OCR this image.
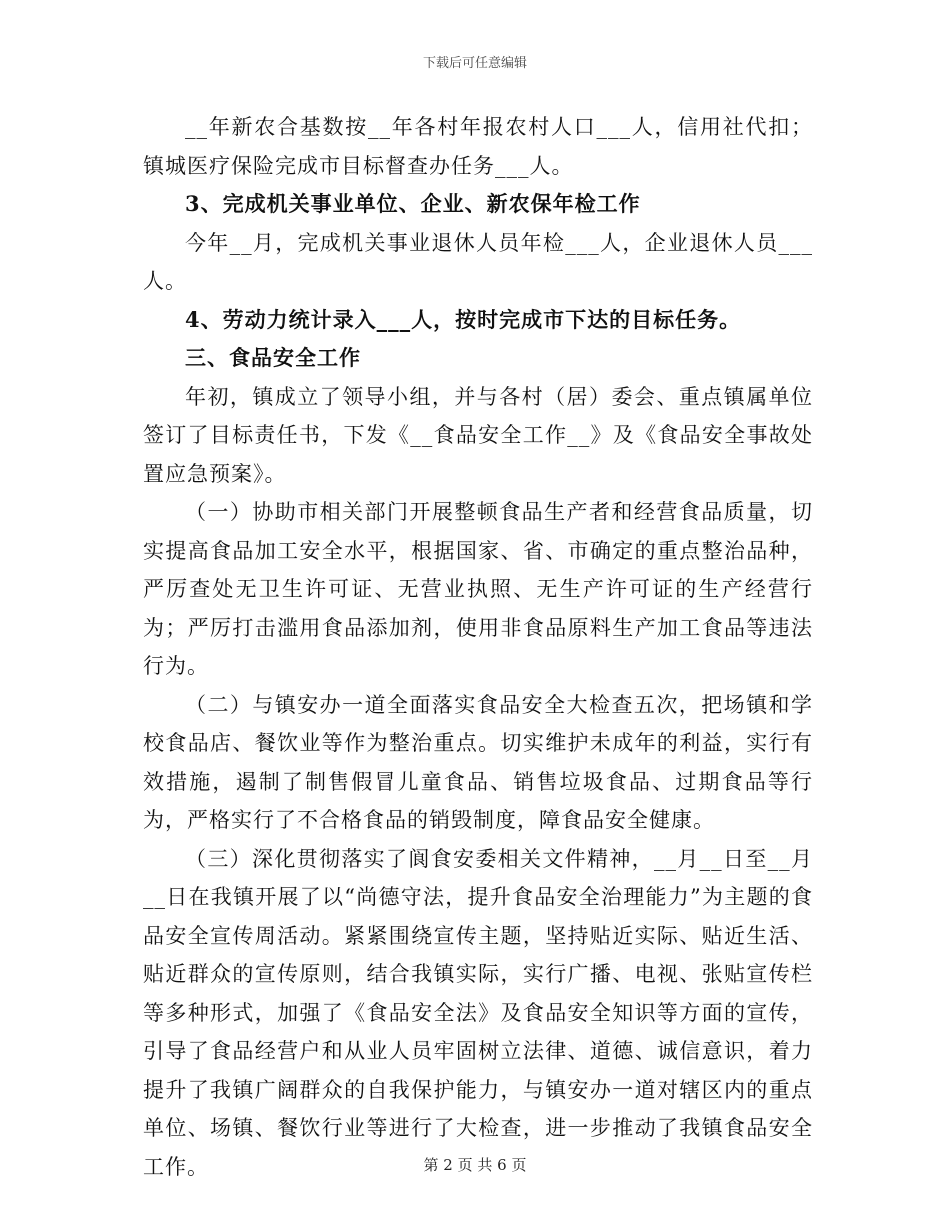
下载后可任意编辑

__年新农合基数按__年各村年报农村人口___人，信用社代扣；镇城医疗保险完成市目标督查办任务___人。

3、完成机关事业单位、企业、新农保年检工作

今年__月，完成机关事业退休人员年检___人，企业退休人员___人。

4、劳动力统计录入___人，按时完成市下达的目标任务。

三、食品安全工作

年初，镇成立了领导小组，并与各村（居）委会、重点镇属单位签订了目标责任书，下发《__食品安全工作__》及《食品安全事故处置应急预案》。

（一）协助市相关部门开展整顿食品生产者和经营食品质量，切实提高食品加工安全水平，根据国家、省、市确定的重点整治品种，严厉查处无卫生许可证、无营业执照、无生产许可证的生产经营行为；严厉打击滥用食品添加剂，使用非食品原料生产加工食品等违法行为。

（二）与镇安办一道全面落实食品安全大检查五次，把场镇和学校食品店、餐饮业等作为整治重点。切实维护未成年的利益，实行有效措施，遏制了制售假冒儿童食品、销售垃圾食品、过期食品等行为，严格实行了不合格食品的销毁制度，障食品安全健康。

（三）深化贯彻落实了阆食安委相关文件精神，__月__日至__月__日在我镇开展了以“尚德守法，提升食品安全治理能力”为主题的食品安全宣传周活动。紧紧围绕宣传主题，坚持贴近实际、贴近生活、贴近群众的宣传原则，结合我镇实际，实行广播、电视、张贴宣传栏等多种形式，加强了《食品安全法》及食品安全知识等方面的宣传，引导了食品经营户和从业人员牢固树立法律、道德、诚信意识，着力提升了我镇广阔群众的自我保护能力，与镇安办一道对辖区内的重点单位、场镇、餐饮行业等进行了大检查，进一步推动了我镇食品安全工作。	第 2 页 共 6 页
